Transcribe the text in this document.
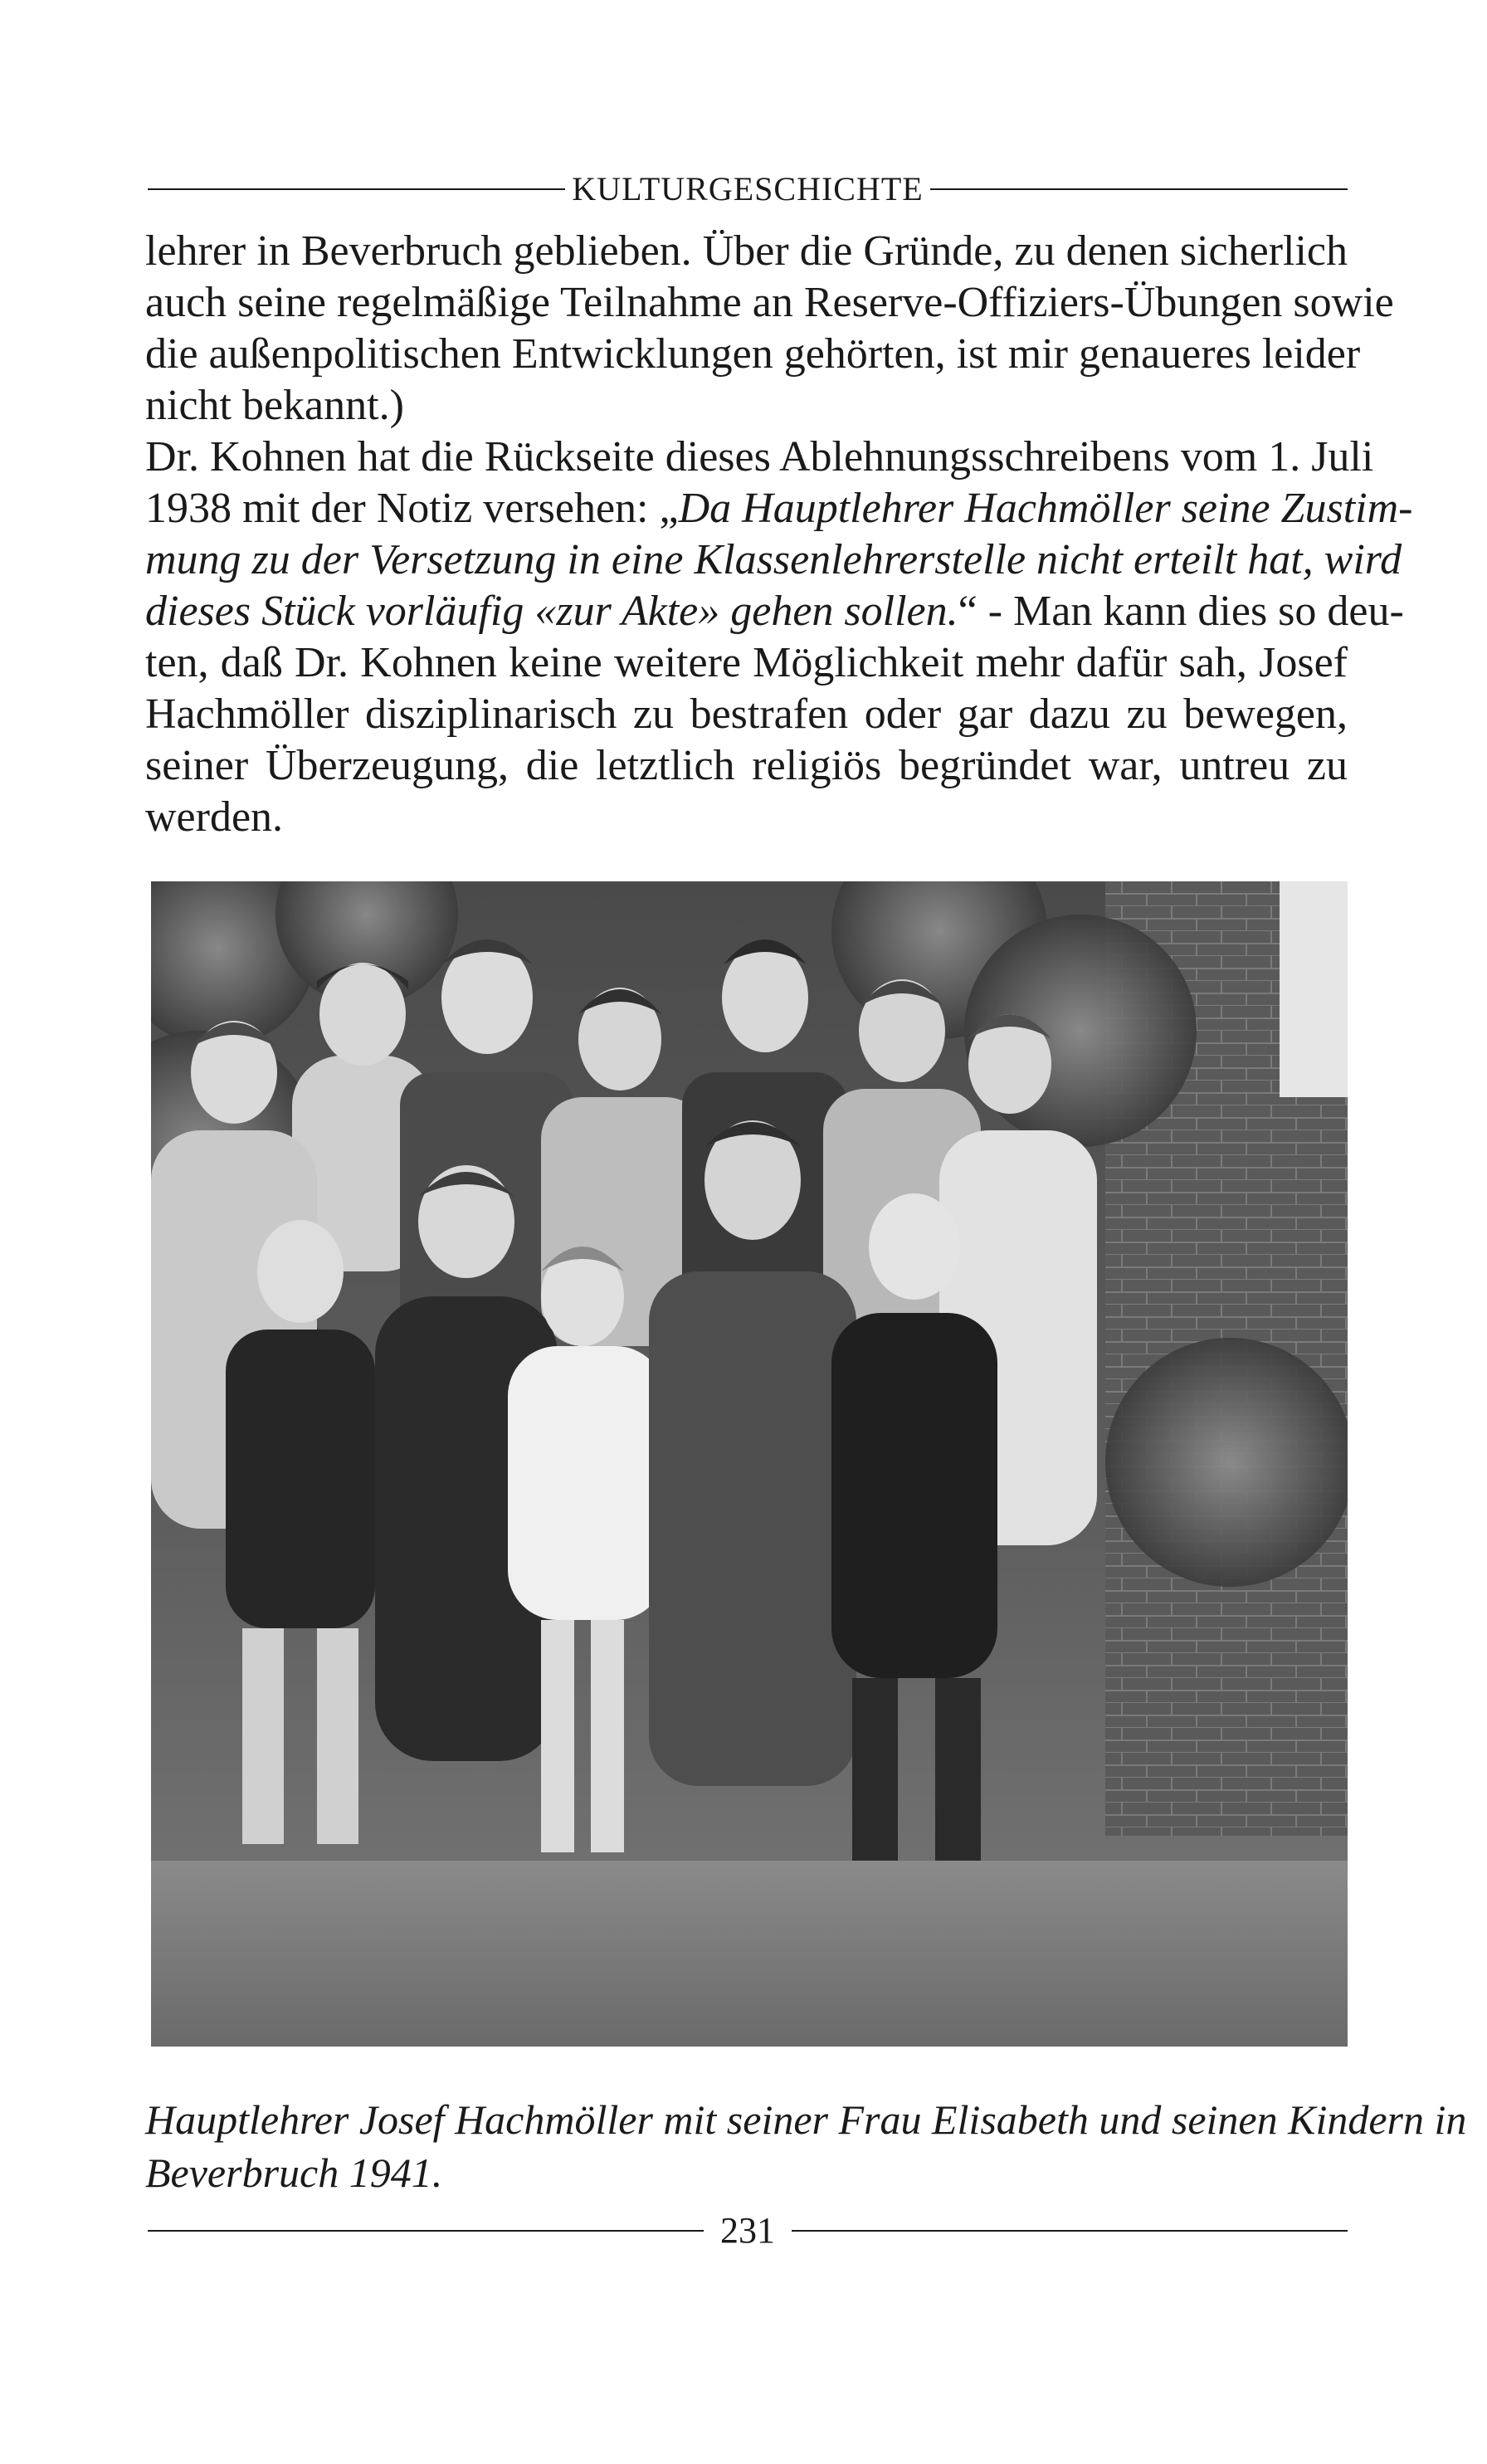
KULTURGESCHICHTE
lehrer in Beverbruch geblieben. Über die Gründe, zu denen sicherlich
auch seine regelmäßige Teilnahme an Reserve-Offiziers-Übungen sowie
die außenpolitischen Entwicklungen gehörten, ist mir genaueres leider
nicht bekannt.)
Dr. Kohnen hat die Rückseite dieses Ablehnungsschreibens vom 1. Juli
1938 mit der Notiz versehen: „Da Hauptlehrer Hachmöller seine Zustim-
mung zu der Versetzung in eine Klassenlehrerstelle nicht erteilt hat, wird
dieses Stück vorläufig «zur Akte» gehen sollen.“ - Man kann dies so deu-
ten, daß Dr. Kohnen keine weitere Möglichkeit mehr dafür sah, Josef
Hachmöller disziplinarisch zu bestrafen oder gar dazu zu bewegen,
seiner Überzeugung, die letztlich religiös begründet war, untreu zu
werden.
Hauptlehrer Josef Hachmöller mit seiner Frau Elisabeth und seinen Kindern in
Beverbruch 1941.
231
